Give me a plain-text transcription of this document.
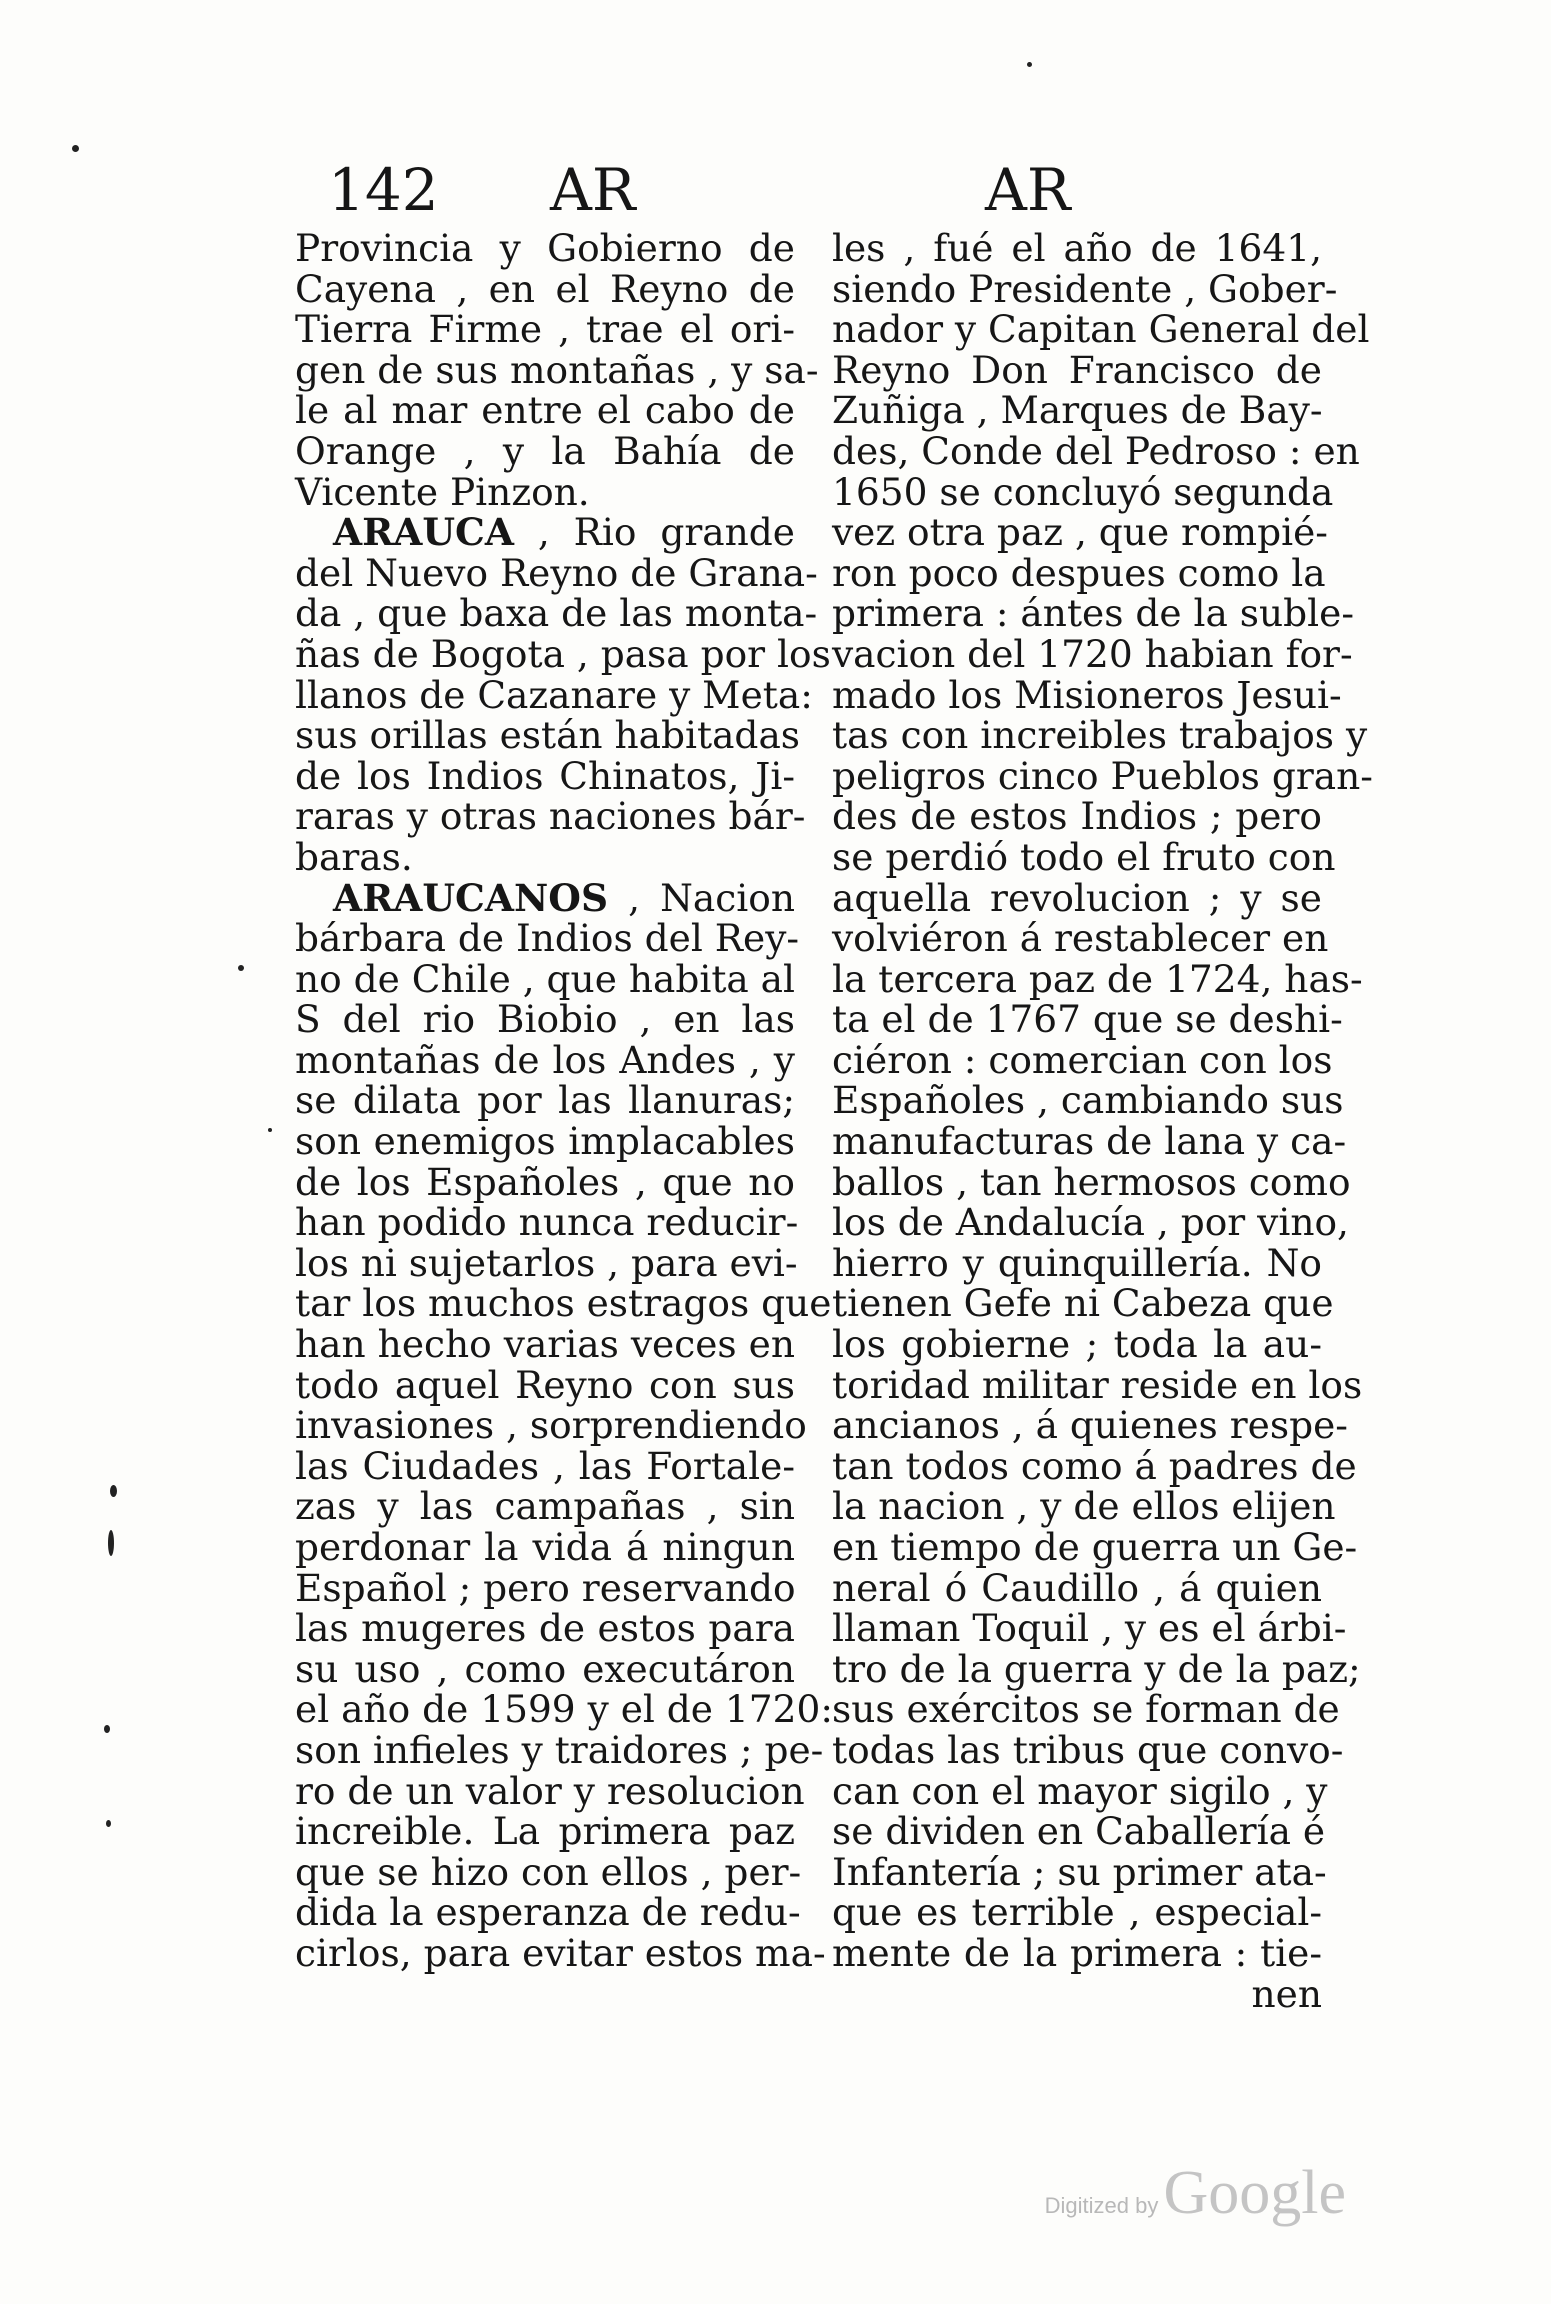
142 AR	AR
Provincia y Gobierno de
Cayena , en el Reyno de
Tierra Firme , trae el ori-
gen de sus montañas , y sa-
le al mar entre el cabo de
Orange , y la Bahía de
Vicente Pinzon.
ARAUCA , Rio grande
del Nuevo Reyno de Grana-
da , que baxa de las monta-
ñas de Bogota , pasa por los
llanos de Cazanare y Meta:
sus orillas están habitadas
de los Indios Chinatos, Ji-
raras y otras naciones bár-
baras.
ARAUCANOS , Nacion
bárbara de Indios del Rey-
no de Chile , que habita al
S del rio Biobio , en las
montañas de los Andes , y
se dilata por las llanuras;
son enemigos implacables
de los Españoles , que no
han podido nunca reducir-
los ni sujetarlos , para evi-
tar los muchos estragos que
han hecho varias veces en
todo aquel Reyno con sus
invasiones , sorprendiendo
las Ciudades , las Fortale-
zas y las campañas , sin
perdonar la vida á ningun
Español ; pero reservando
las mugeres de estos para
su uso , como executáron
el año de 1599 y el de 1720:
son infieles y traidores ; pe-
ro de un valor y resolucion
increible. La primera paz
que se hizo con ellos , per-
dida la esperanza de redu-
cirlos, para evitar estos ma-
les , fué el año de 1641,
siendo Presidente , Gober-
nador y Capitan General del
Reyno Don Francisco de
Zuñiga , Marques de Bay-
des, Conde del Pedroso : en
1650 se concluyó segunda
vez otra paz , que rompié-
ron poco despues como la
primera : ántes de la suble-
vacion del 1720 habian for-
mado los Misioneros Jesui-
tas con increibles trabajos y
peligros cinco Pueblos gran-
des de estos Indios ; pero
se perdió todo el fruto con
aquella revolucion ; y se
volviéron á restablecer en
la tercera paz de 1724, has-
ta el de 1767 que se deshi-
ciéron : comercian con los
Españoles , cambiando sus
manufacturas de lana y ca-
ballos , tan hermosos como
los de Andalucía , por vino,
hierro y quinquillería. No
tienen Gefe ni Cabeza que
los gobierne ; toda la au-
toridad militar reside en los
ancianos , á quienes respe-
tan todos como á padres de
la nacion , y de ellos elijen
en tiempo de guerra un Ge-
neral ó Caudillo , á quien
llaman Toquil , y es el árbi-
tro de la guerra y de la paz;
sus exércitos se forman de
todas las tribus que convo-
can con el mayor sigilo , y
se dividen en Caballería é
Infantería ; su primer ata-
que es terrible , especial-
mente de la primera : tie-
nen
Digitized by Google
